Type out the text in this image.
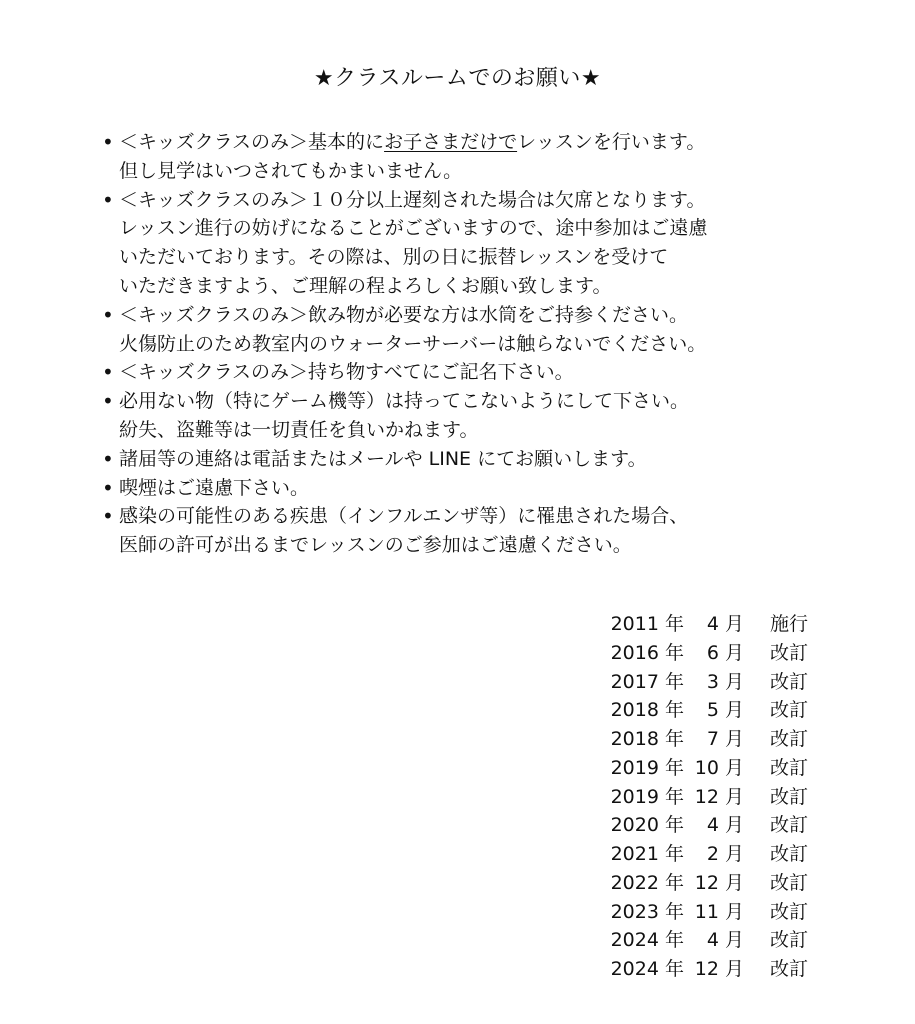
★クラスルームでのお願い★
• ＜キッズクラスのみ＞基本的にお子さまだけでレッスンを行います。
但し見学はいつされてもかまいません。
• ＜キッズクラスのみ＞１０分以上遅刻された場合は欠席となります。
レッスン進行の妨げになることがございますので、途中参加はご遠慮
いただいております。その際は、別の日に振替レッスンを受けて
いただきますよう、ご理解の程よろしくお願い致します。
• ＜キッズクラスのみ＞飲み物が必要な方は水筒をご持参ください。
火傷防止のため教室内のウォーターサーバーは触らないでください。
• ＜キッズクラスのみ＞持ち物すべてにご記名下さい。
• 必用ない物（特にゲーム機等）は持ってこないようにして下さい。
紛失、盗難等は一切責任を負いかねます。
• 諸届等の連絡は電話またはメールや LINE にてお願いします。
• 喫煙はご遠慮下さい。
• 感染の可能性のある疾患（インフルエンザ等）に罹患された場合、
医師の許可が出るまでレッスンのご参加はご遠慮ください。
2011 年	4 月 施行
2016 年	6 月 改訂
2017 年	3 月 改訂
2018 年	5 月 改訂
2018 年	7 月 改訂
2019 年 10 月 改訂
2019 年 12 月 改訂
2020 年	4 月 改訂
2021 年	2 月 改訂
2022 年 12 月 改訂
2023 年 11 月 改訂
2024 年	4 月 改訂
2024 年 12 月 改訂
